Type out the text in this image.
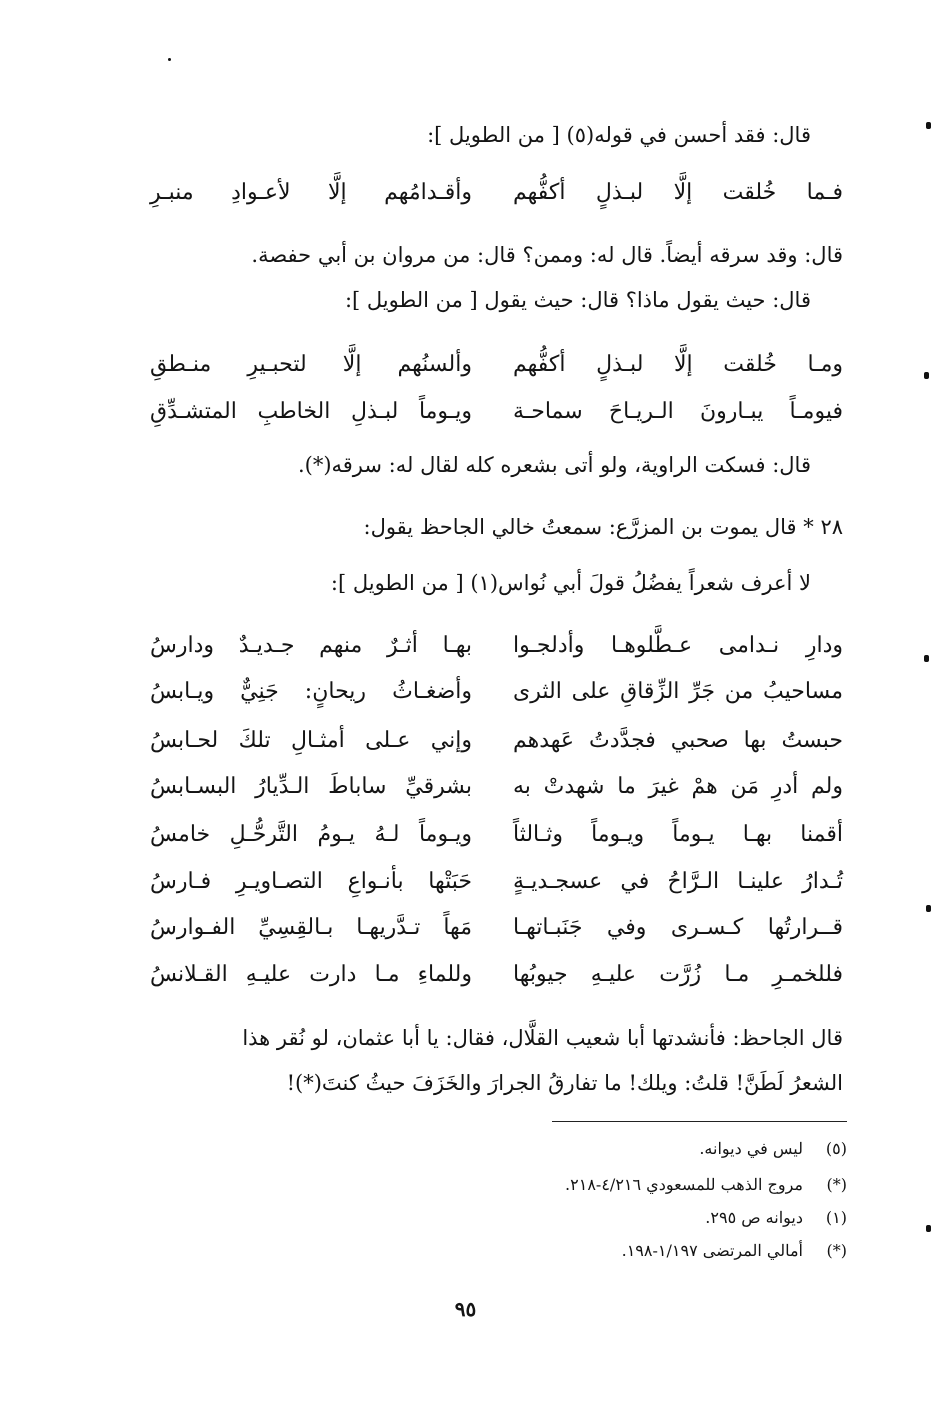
قال: فقد أحسن في قوله(٥) [ من الطويل ]:
فـما خُلقت إلَّا لبـذلٍ أكفُّهم
وأقـدامُهم إلَّا لأعـوادِ منبـرِ
قال: وقد سرقه أيضاً. قال له: وممن؟ قال: من مروان بن أبي حفصة.
قال: حيث يقول ماذا؟ قال: حيث يقول [ من الطويل ]:
ومـا خُلقت إلَّا لبـذلٍ أكفُّهم
وألسنُهم إلَّا لتحبـيرِ منـطقِ
فيومـاً يبـارونَ الـريـاحَ سماحـة
ويـوماً لبـذلِ الخاطبِ المتشـدِّقِ
قال: فسكت الراوية، ولو أتى بشعره كله لقال له: سرقه(*).
٢٨ * قال يموت بن المزرَّع: سمعتُ خالي الجاحظ يقول:
لا أعرف شعراً يفضُلُ قولَ أبي نُواس(١) [ من الطويل ]:
ودارِ نـدامى عـطَّلوهـا وأدلجـوا
بهـا أثـرٌ منهم جـديـدٌ ودارسُ
مساحيبُ من جَرِّ الزِّقاقِ على الثرى
وأضغـاثُ ريحانٍ: جَنِيٌّ ويـابسُ
حبستُ بها صحبي فجدَّدتُ عَهدهم
وإني عـلى أمثـالِ تلكَ لحـابسُ
ولم أدرِ مَن همْ غيرَ ما شهدتْ به
بشرقيِّ ساباطَ الـدِّيارُ البسـابسُ
أقمنا بهـا يـوماً ويـوماً وثـالثاً
ويـوماً لـهُ يـومُ التَّرحُّـلِ خامسُ
تُـدارُ علينـا الـرَّاحُ في عسجـديـةٍ
حَبَتْها بأنـواعِ التصـاويـرِ فـارسُ
قــرارتُها كـسـرى وفي جَنَبـاتهـا
مَهاً تـدَّريهـا بـالقِسِيِّ الفـوارسُ
فللخمـرِ مـا زُرَّت عليـهِ جيوبُها
وللماءِ مـا دارت عليـهِ القـلانسُ
قال الجاحظ: فأنشدتها أبا شعيب القلَّال، فقال: يا أبا عثمان، لو نُقر هذا
الشعرُ لَطَنَّ! قلتُ: ويلك! ما تفارقُ الجرارَ والخَزَفَ حيثُ كنتَ(*)!
(٥)ليس في ديوانه.
(*)مروج الذهب للمسعودي ٤/٢١٦-٢١٨.
(١)ديوانه ص ٢٩٥.
(*)أمالي المرتضى ١/١٩٧-١٩٨.
٩٥
